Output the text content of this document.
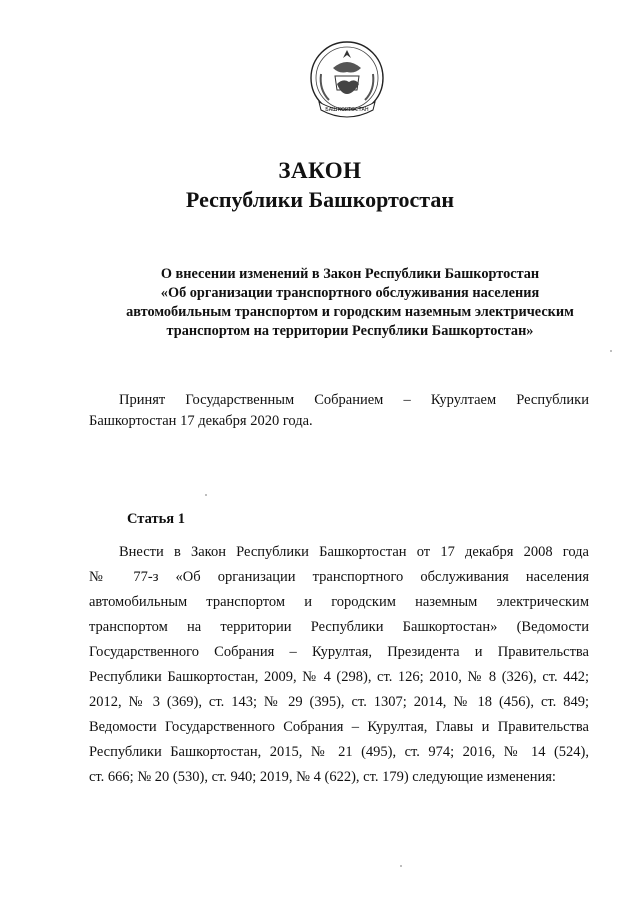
БАШКОРТОСТАН
ЗАКОН
Республики Башкортостан
О внесении изменений в Закон Республики Башкортостан
«Об организации транспортного обслуживания населения
автомобильным транспортом и городским наземным электрическим
транспортом на территории Республики Башкортостан»
Принят Государственным Собранием – Курултаем Республики
Башкортостан 17 декабря 2020 года.
Статья 1
Внести в Закон Республики Башкортостан от 17 декабря 2008 года
№ 77-з «Об организации транспортного обслуживания населения
автомобильным транспортом и городским наземным электрическим
транспортом на территории Республики Башкортостан» (Ведомости
Государственного Собрания – Курултая, Президента и Правительства
Республики Башкортостан, 2009, № 4 (298), ст. 126; 2010, № 8 (326), ст. 442;
2012, № 3 (369), ст. 143; № 29 (395), ст. 1307; 2014, № 18 (456), ст. 849;
Ведомости Государственного Собрания – Курултая, Главы и Правительства
Республики Башкортостан, 2015, № 21 (495), ст. 974; 2016, № 14 (524),
ст. 666; № 20 (530), ст. 940; 2019, № 4 (622), ст. 179) следующие изменения:
